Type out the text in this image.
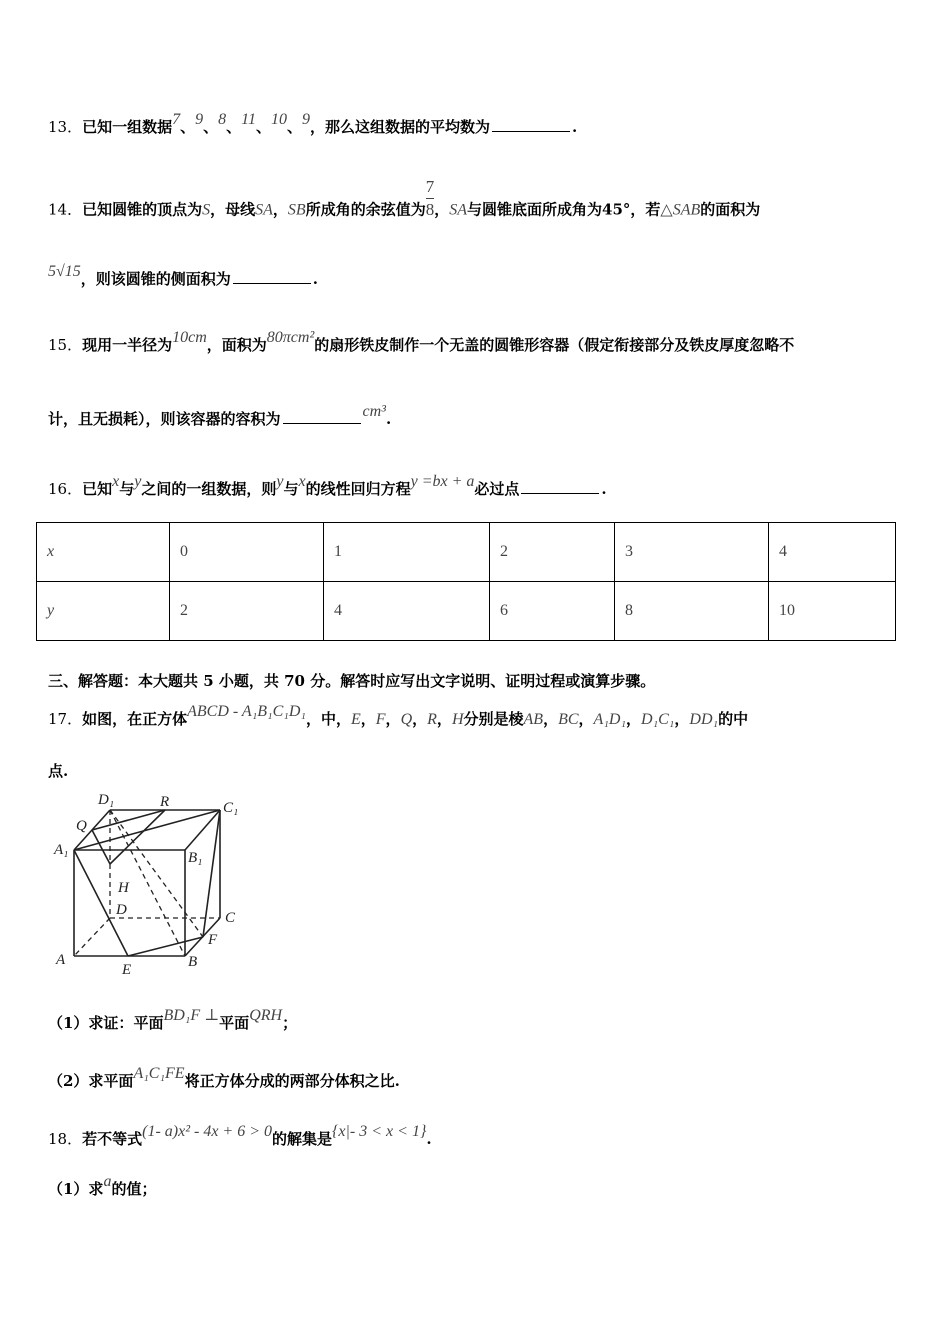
13．已知一组数据7、9、8、11、10、9，那么这组数据的平均数为	.
14．已知圆锥的顶点为S，母线SA，SB所成角的余弦值为$\frac{7}{8}$ ，SA与圆锥底面所成角为45°，若△SAB的面积为
5√15，则该圆锥的侧面积为	.
15．现用一半径为10cm，面积为80πcm²的扇形铁皮制作一个无盖的圆锥形容器（假定衔接部分及铁皮厚度忽略不
计，且无损耗），则该容器的容积为	cm³.
16．已知x与y之间的一组数据，则y与x的线性回归方程y =bx + a必过点	.
x	0	1	2	3	4
y	2	4	6	8	10
三、解答题：本大题共 5 小题，共 70 分。解答时应写出文字说明、证明过程或演算步骤。
17．如图，在正方体ABCD - A₁B₁C₁D₁，中，E，F，Q，R，H分别是棱AB，BC，A₁D₁，D₁C₁，DD₁的中
点.
D₁	R	C₁
Q
A₁	B₁
H
D	C
F
A
E	B
（1）求证：平面BD₁F ⊥平面QRH；
（2）求平面A₁C₁FE将正方体分成的两部分体积之比.
18．若不等式(1- a)x² - 4x + 6 > 0的解集是{x|- 3 < x < 1}.
（1）求a的值；
